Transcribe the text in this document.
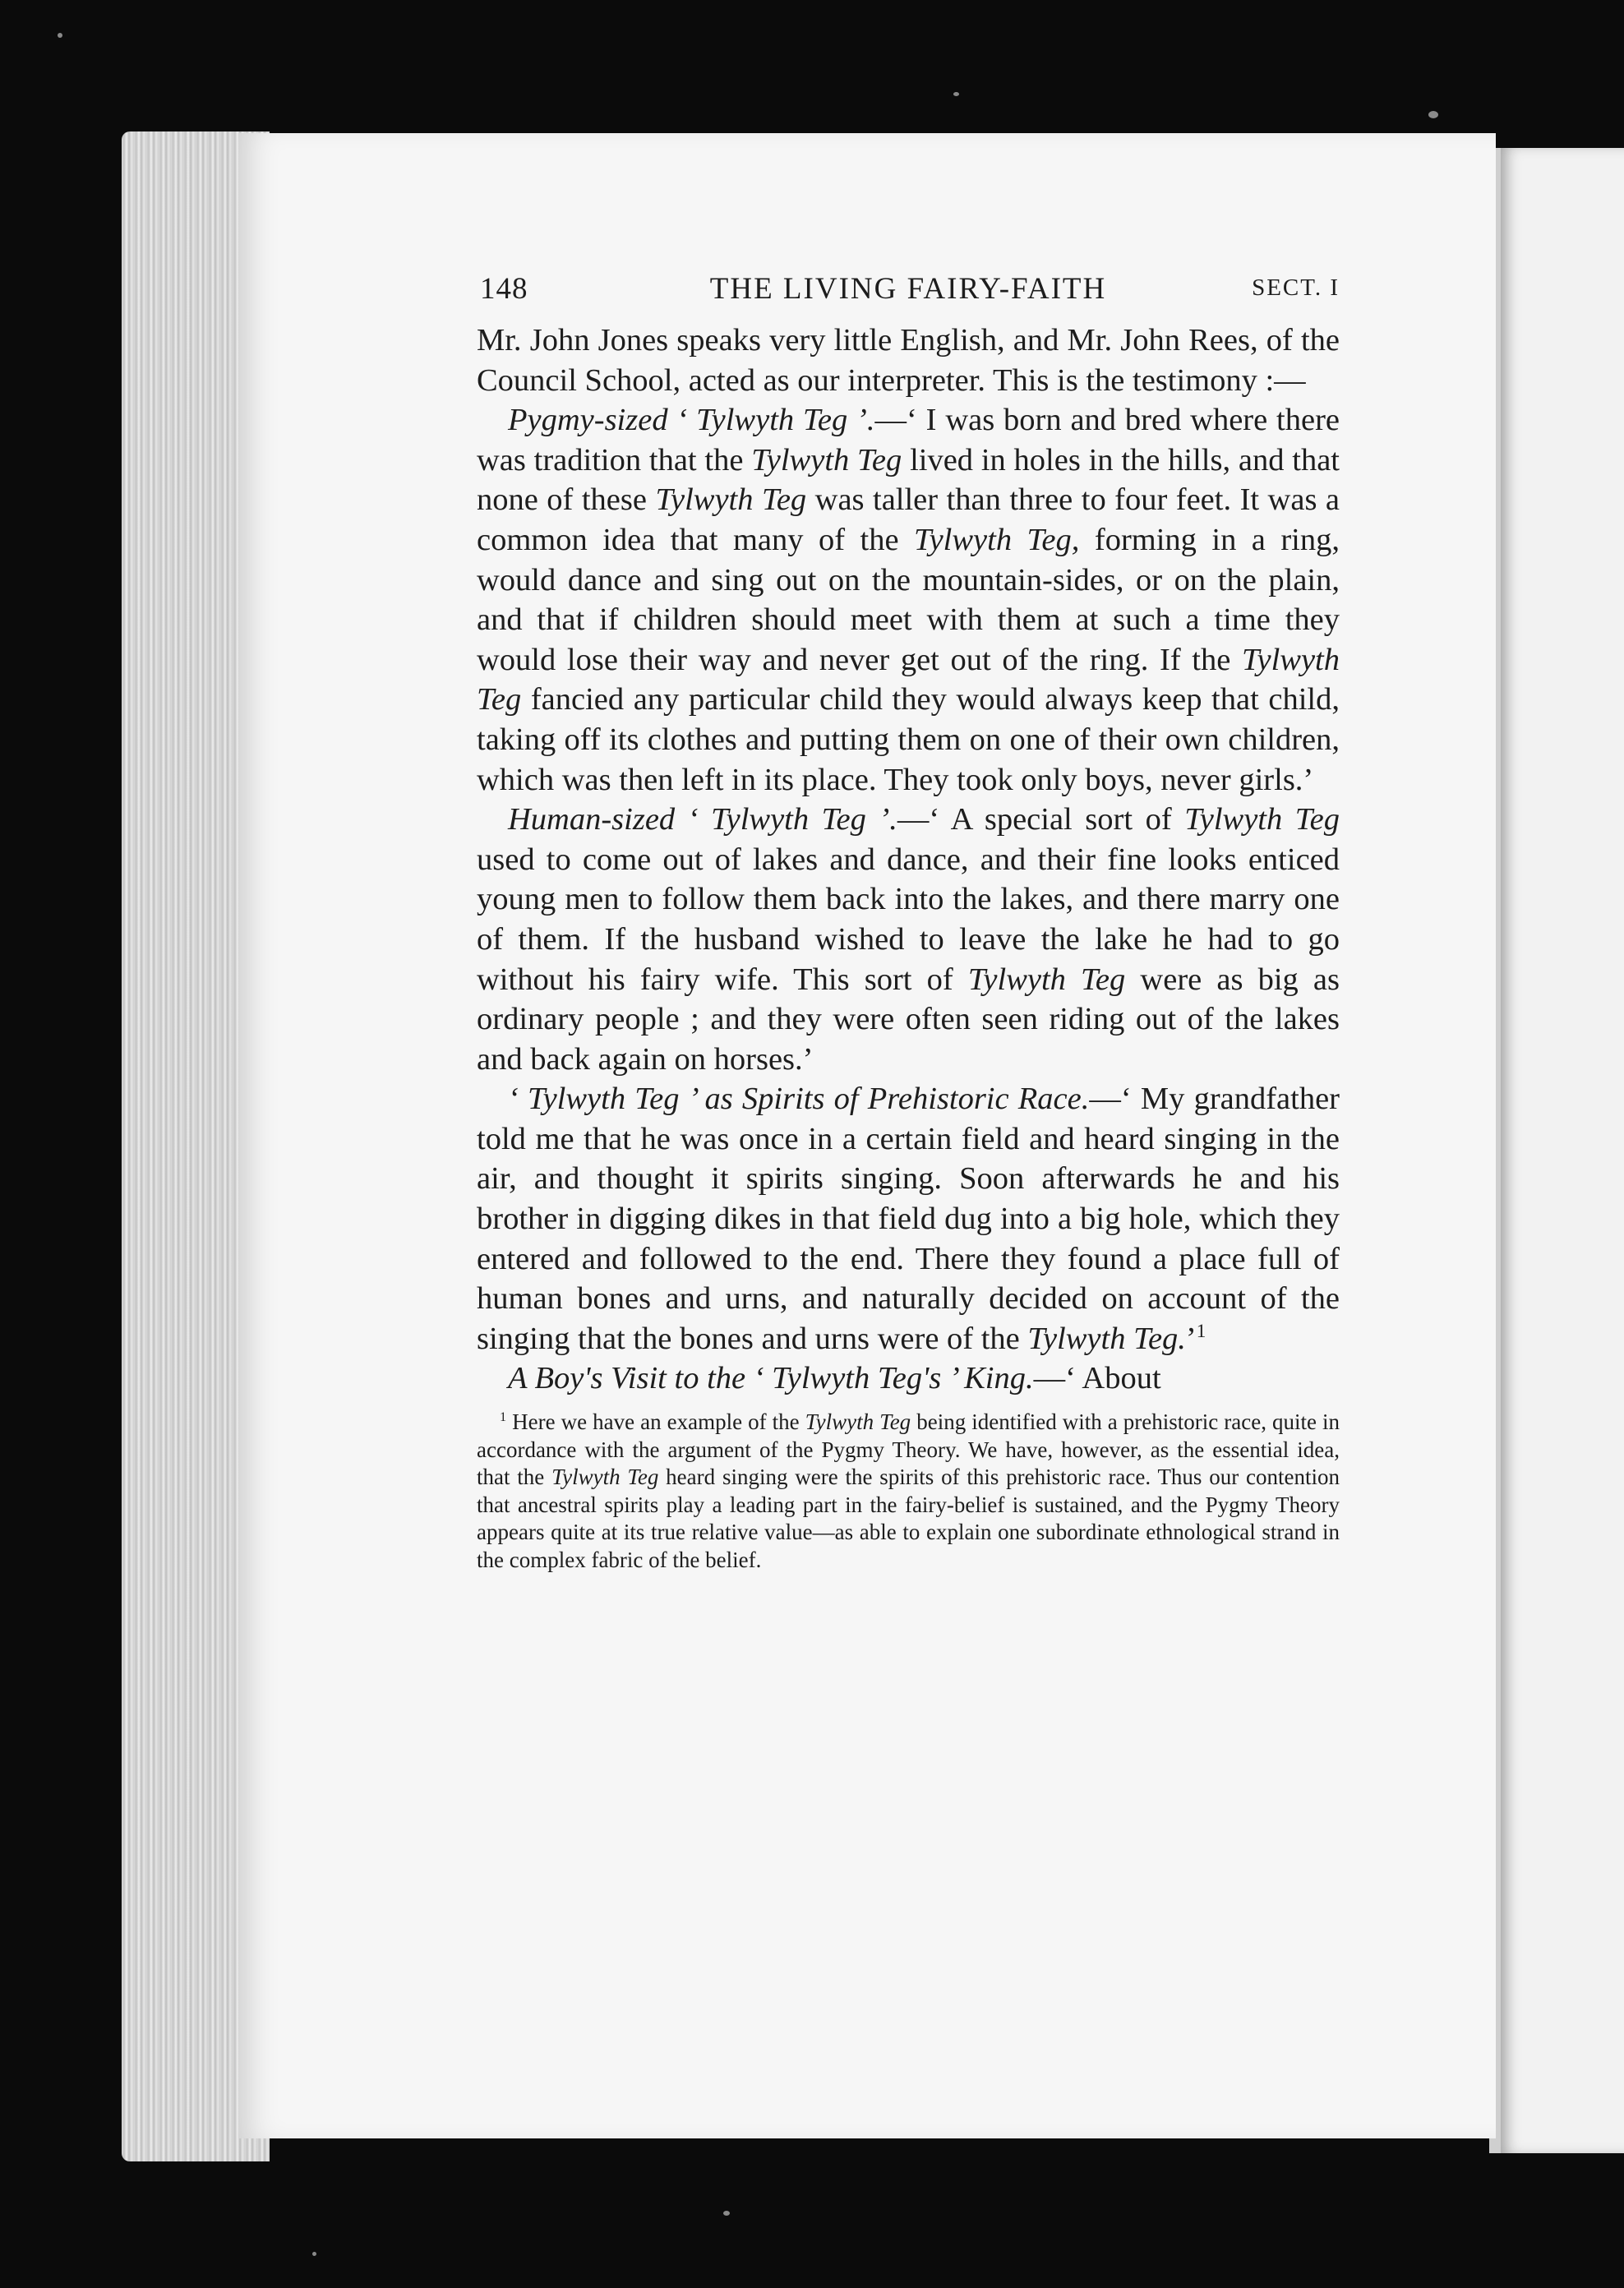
148	THE LIVING FAIRY-FAITH	SECT. I

Mr. John Jones speaks very little English, and Mr. John Rees, of the Council School, acted as our interpreter. This is the testimony :—

Pygmy-sized ‘ Tylwyth Teg ’.—‘ I was born and bred where there was tradition that the Tylwyth Teg lived in holes in the hills, and that none of these Tylwyth Teg was taller than three to four feet. It was a common idea that many of the Tylwyth Teg, forming in a ring, would dance and sing out on the mountain-sides, or on the plain, and that if children should meet with them at such a time they would lose their way and never get out of the ring. If the Tylwyth Teg fancied any particular child they would always keep that child, taking off its clothes and putting them on one of their own children, which was then left in its place. They took only boys, never girls.’

Human-sized ‘ Tylwyth Teg ’.—‘ A special sort of Tylwyth Teg used to come out of lakes and dance, and their fine looks enticed young men to follow them back into the lakes, and there marry one of them. If the husband wished to leave the lake he had to go without his fairy wife. This sort of Tylwyth Teg were as big as ordinary people ; and they were often seen riding out of the lakes and back again on horses.’

‘ Tylwyth Teg ’ as Spirits of Prehistoric Race.—‘ My grandfather told me that he was once in a certain field and heard singing in the air, and thought it spirits singing. Soon afterwards he and his brother in digging dikes in that field dug into a big hole, which they entered and followed to the end. There they found a place full of human bones and urns, and naturally decided on account of the singing that the bones and urns were of the Tylwyth Teg.’$^1$

A Boy's Visit to the ‘ Tylwyth Teg's ’ King.—‘ About

$^1$ Here we have an example of the Tylwyth Teg being identified with a prehistoric race, quite in accordance with the argument of the Pygmy Theory. We have, however, as the essential idea, that the Tylwyth Teg heard singing were the spirits of this prehistoric race. Thus our contention that ancestral spirits play a leading part in the fairy-belief is sustained, and the Pygmy Theory appears quite at its true relative value—as able to explain one subordinate ethnological strand in the complex fabric of the belief.
